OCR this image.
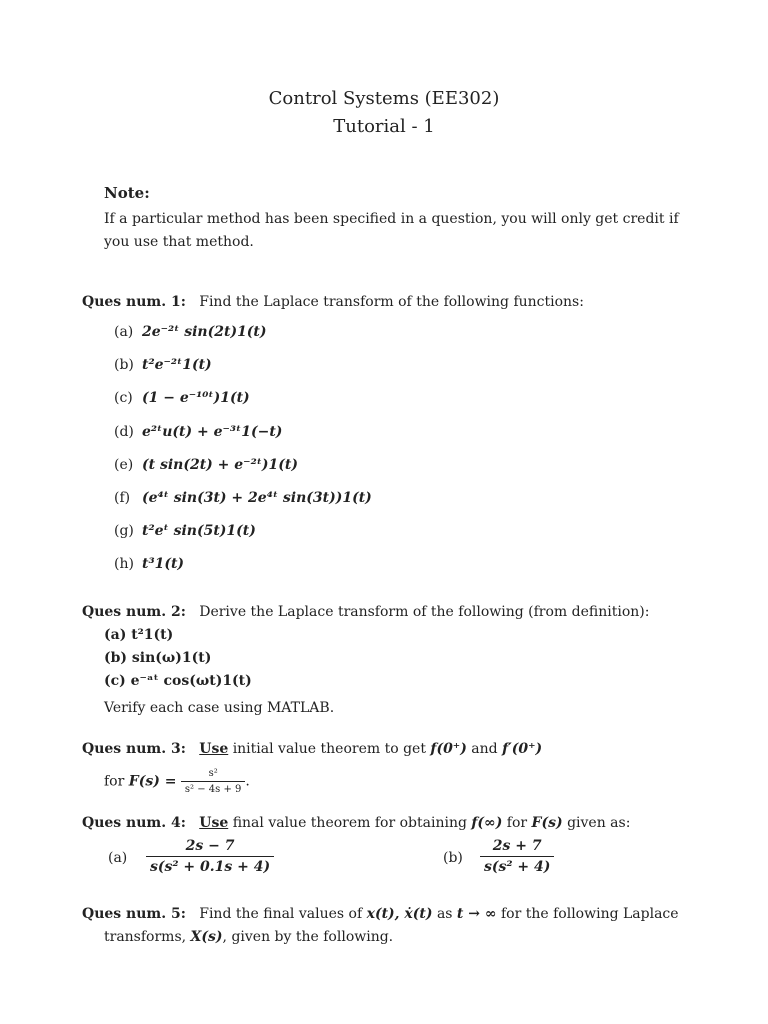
Control Systems (EE302)
Tutorial - 1
Note:
If a particular method has been specified in a question, you will only get credit if you use that method.
Ques num. 1: Find the Laplace transform of the following functions:
(a) 2e⁻²ᵗ sin(2t)1(t)
(b) t²e⁻²ᵗ1(t)
(c) (1 − e⁻¹⁰ᵗ)1(t)
(d) e²ᵗu(t) + e⁻³ᵗ1(−t)
(e) (t sin(2t) + e⁻²ᵗ)1(t)
(f) (e⁴ᵗ sin(3t) + 2e⁴ᵗ sin(3t))1(t)
(g) t²eᵗ sin(5t)1(t)
(h) t³1(t)
Ques num. 2: Derive the Laplace transform of the following (from definition):
(a) t²1(t)
(b) sin(ω)1(t)
(c) e⁻ᵃᵗ cos(ωt)1(t)
Verify each case using MATLAB.
Ques num. 3: Use initial value theorem to get f(0⁺) and f′(0⁺)
for $F(s) = \frac{\text{s²}}{\text{s² − 4s + 9}}$ .
Ques num. 4: Use final value theorem for obtaining f(∞) for F(s) given as:
$(a) \frac{2s - 7}{\text{s(s² + 0.1s + 4)}}$	$(b) \frac{2s + 7}{\text{s(s² + 4)}}$
Ques num. 5: Find the final values of x(t), ẋ(t) as t → ∞ for the following Laplace
transforms, X(s), given by the following.
